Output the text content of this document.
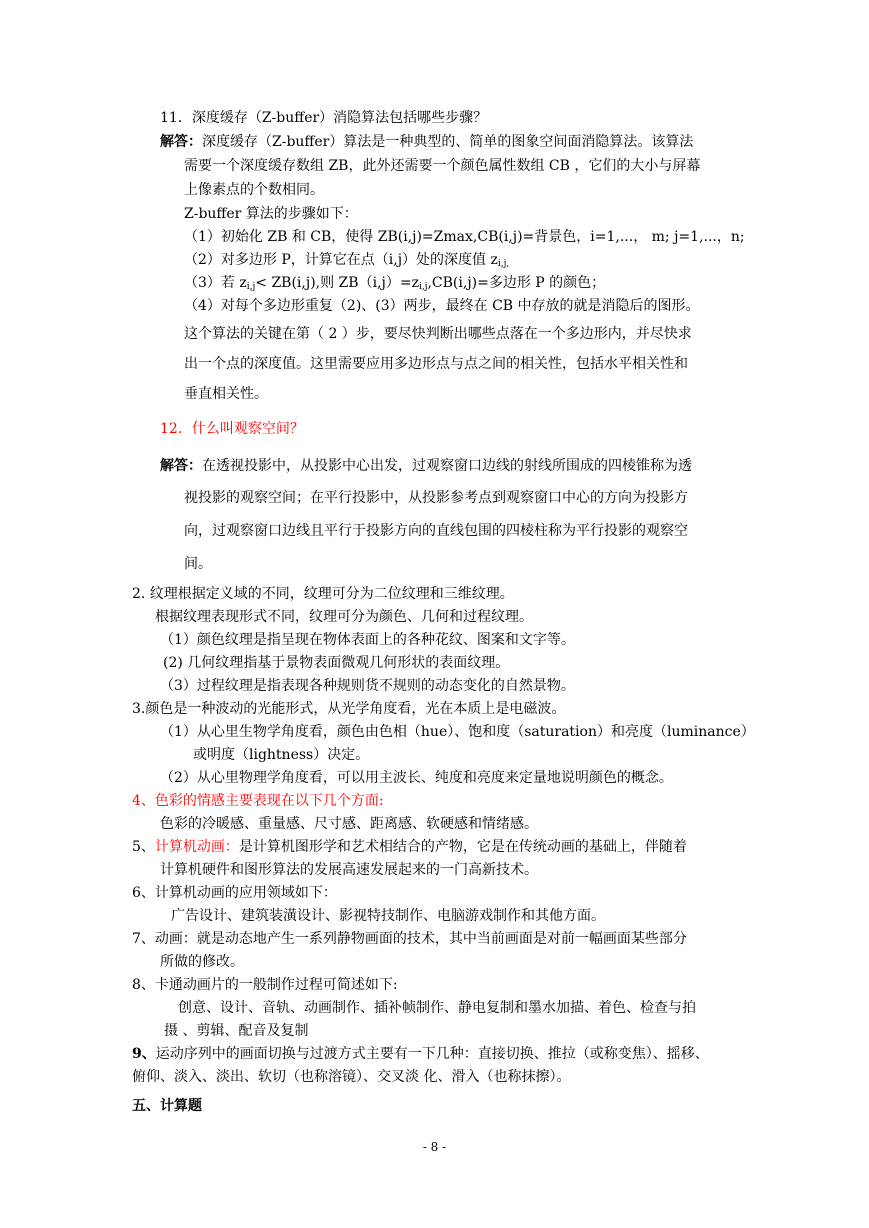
11．深度缓存（Z-buffer）消隐算法包括哪些步骤？
解答：深度缓存（Z-buffer）算法是一种典型的、简单的图象空间面消隐算法。该算法
需要一个深度缓存数组 ZB，此外还需要一个颜色属性数组 CB ，它们的大小与屏幕
上像素点的个数相同。
Z-buffer 算法的步骤如下：
（1）初始化 ZB 和 CB，使得 ZB(i,j)=Zmax,CB(i,j)=背景色，i=1,...， m; j=1,...，n;
（2）对多边形 P，计算它在点（i,j）处的深度值 $z_{i,j,}$
（3）若 $z_{i,j}< ZB(i,j)$,则 $ZB(i,j)=z_{i,j},CB(i,j)=$多边形 P 的颜色；
（4）对每个多边形重复（2)、(3）两步，最终在 CB 中存放的就是消隐后的图形。
这个算法的关键在第（ 2 ）步，要尽快判断出哪些点落在一个多边形内，并尽快求
出一个点的深度值。这里需要应用多边形点与点之间的相关性，包括水平相关性和
垂直相关性。
12．什么叫观察空间？
解答：在透视投影中，从投影中心出发，过观察窗口边线的射线所围成的四棱锥称为透
视投影的观察空间；在平行投影中，从投影参考点到观察窗口中心的方向为投影方
向，过观察窗口边线且平行于投影方向的直线包围的四棱柱称为平行投影的观察空
间。
2. 纹理根据定义域的不同，纹理可分为二位纹理和三维纹理。
根据纹理表现形式不同，纹理可分为颜色、几何和过程纹理。
（1）颜色纹理是指呈现在物体表面上的各种花纹、图案和文字等。
(2) 几何纹理指基于景物表面微观几何形状的表面纹理。
（3）过程纹理是指表现各种规则货不规则的动态变化的自然景物。
3.颜色是一种波动的光能形式，从光学角度看，光在本质上是电磁波。
（1）从心里生物学角度看，颜色由色相（hue）、饱和度（saturation）和亮度（luminance）
或明度（lightness）决定。
（2）从心里物理学角度看，可以用主波长、纯度和亮度来定量地说明颜色的概念。
4、色彩的情感主要表现在以下几个方面:
色彩的冷暖感、重量感、尺寸感、距离感、软硬感和情绪感。
5、计算机动画：是计算机图形学和艺术相结合的产物，它是在传统动画的基础上，伴随着
计算机硬件和图形算法的发展高速发展起来的一门高新技术。
6、计算机动画的应用领域如下：
广告设计、建筑装潢设计、影视特技制作、电脑游戏制作和其他方面。
7、动画：就是动态地产生一系列静物画面的技术，其中当前画面是对前一幅画面某些部分
所做的修改。
8、卡通动画片的一般制作过程可简述如下:
创意、设计、音轨、动画制作、插补帧制作、静电复制和墨水加描、着色、检查与拍
摄 、剪辑、配音及复制
9、运动序列中的画面切换与过渡方式主要有一下几种：直接切换、推拉（或称变焦）、摇移、
俯仰、淡入、淡出、软切（也称溶镜）、交叉淡 化、滑入（也称抹擦）。
五、计算题
- 8 -
